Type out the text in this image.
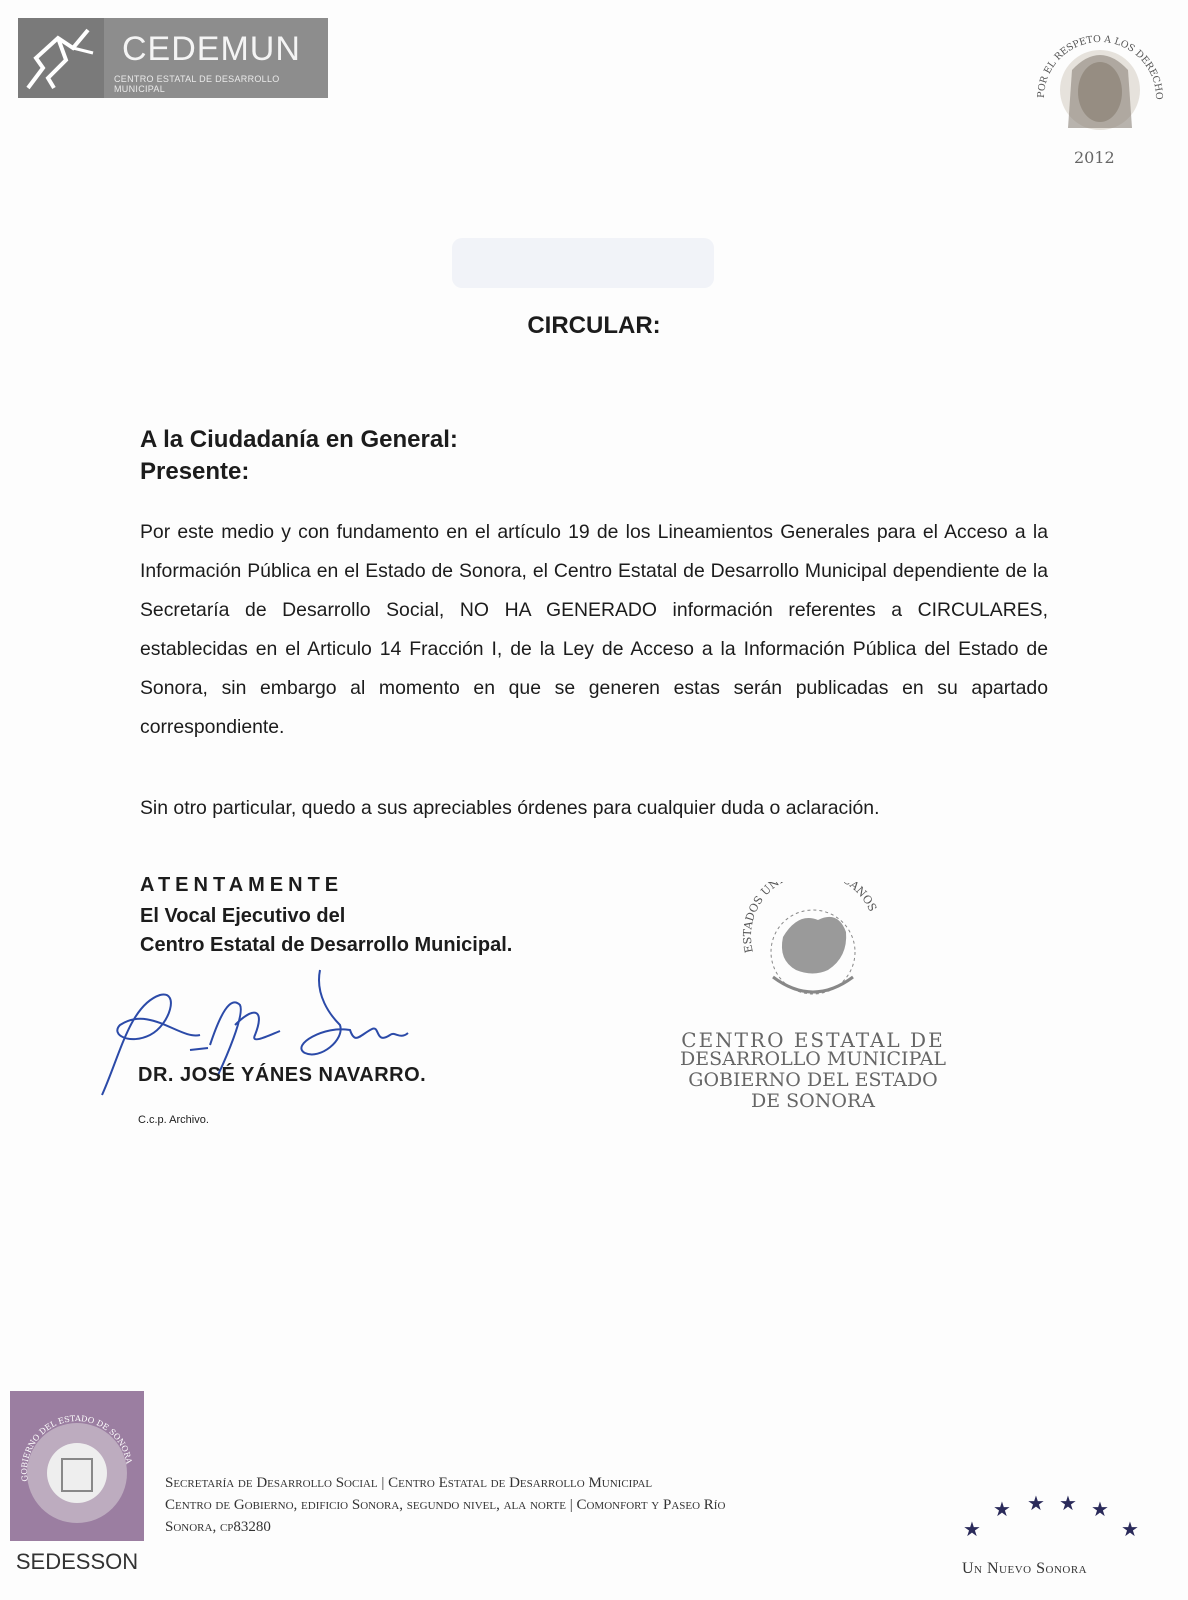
CEDEMUN
CENTRO ESTATAL DE DESARROLLO MUNICIPAL
POR EL RESPETO A LOS DERECHO
2012
CIRCULAR:
A la Ciudadanía en General:
Presente:
Por este medio y con fundamento en el artículo 19 de los Lineamientos Generales para el Acceso a la Información Pública en el Estado de Sonora, el Centro Estatal de Desarrollo Municipal dependiente de la Secretaría de Desarrollo Social, NO HA GENERADO información referentes a CIRCULARES, establecidas en el Articulo 14 Fracción I, de la Ley de Acceso a la Información Pública del Estado de Sonora, sin embargo al momento en que se generen estas serán publicadas en su apartado correspondiente.
Sin otro particular, quedo a sus apreciables órdenes para cualquier duda o aclaración.
ATENTAMENTE
El Vocal Ejecutivo del
Centro Estatal de Desarrollo Municipal.
DR. JOSÉ YÁNES NAVARRO.
C.c.p. Archivo.
ESTADOS UN ANOS
CENTRO ESTATAL DE
DESARROLLO MUNICIPAL
GOBIERNO DEL ESTADO
DE SONORA
GOBIERNO DEL ESTADO DE SONORA
SEDESSON
Secretaría de Desarrollo Social | Centro Estatal de Desarrollo Municipal
Centro de Gobierno, edificio Sonora, segundo nivel, ala norte | Comonfort y Paseo Río
Sonora, cp83280	★
★ ★ ★ ★
★
Un Nuevo Sonora
